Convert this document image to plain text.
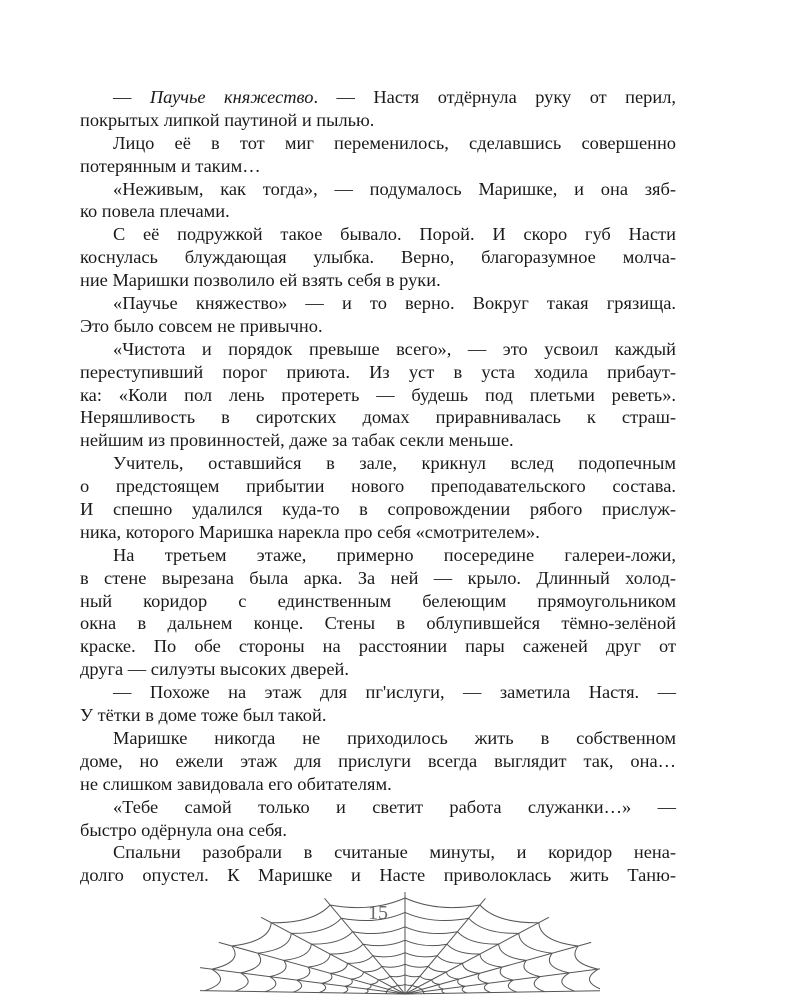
— Паучье княжество. — Настя отдёрнула руку от перил,
покрытых липкой паутиной и пылью.
Лицо её в тот миг переменилось, сделавшись совершенно
потерянным и таким…
«Неживым, как тогда», — подумалось Маришке, и она зяб-
ко повела плечами.
С её подружкой такое бывало. Порой. И скоро губ Насти
коснулась блуждающая улыбка. Верно, благоразумное молча-
ние Маришки позволило ей взять себя в руки.
«Паучье княжество» — и то верно. Вокруг такая грязища.
Это было совсем не привычно.
«Чистота и порядок превыше всего», — это усвоил каждый
переступивший порог приюта. Из уст в уста ходила прибаут-
ка: «Коли пол лень протереть — будешь под плетьми реветь».
Неряшливость в сиротских домах приравнивалась к страш-
нейшим из провинностей, даже за табак секли меньше.
Учитель, оставшийся в зале, крикнул вслед подопечным
о предстоящем прибытии нового преподавательского состава.
И спешно удалился куда-то в сопровождении рябого прислуж-
ника, которого Маришка нарекла про себя «смотрителем».
На третьем этаже, примерно посередине галереи-ложи,
в стене вырезана была арка. За ней — крыло. Длинный холод-
ный коридор с единственным белеющим прямоугольником
окна в дальнем конце. Стены в облупившейся тёмно-зелёной
краске. По обе стороны на расстоянии пары саженей друг от
друга — силуэты высоких дверей.
— Похоже на этаж для пг'ислуги, — заметила Настя. —
У тётки в доме тоже был такой.
Маришке никогда не приходилось жить в собственном
доме, но ежели этаж для прислуги всегда выглядит так, она…
не слишком завидовала его обитателям.
«Тебе самой только и светит работа служанки…» —
быстро одёрнула она себя.
Спальни разобрали в считаные минуты, и коридор нена-
долго опустел. К Маришке и Насте приволоклась жить Таню-
15
